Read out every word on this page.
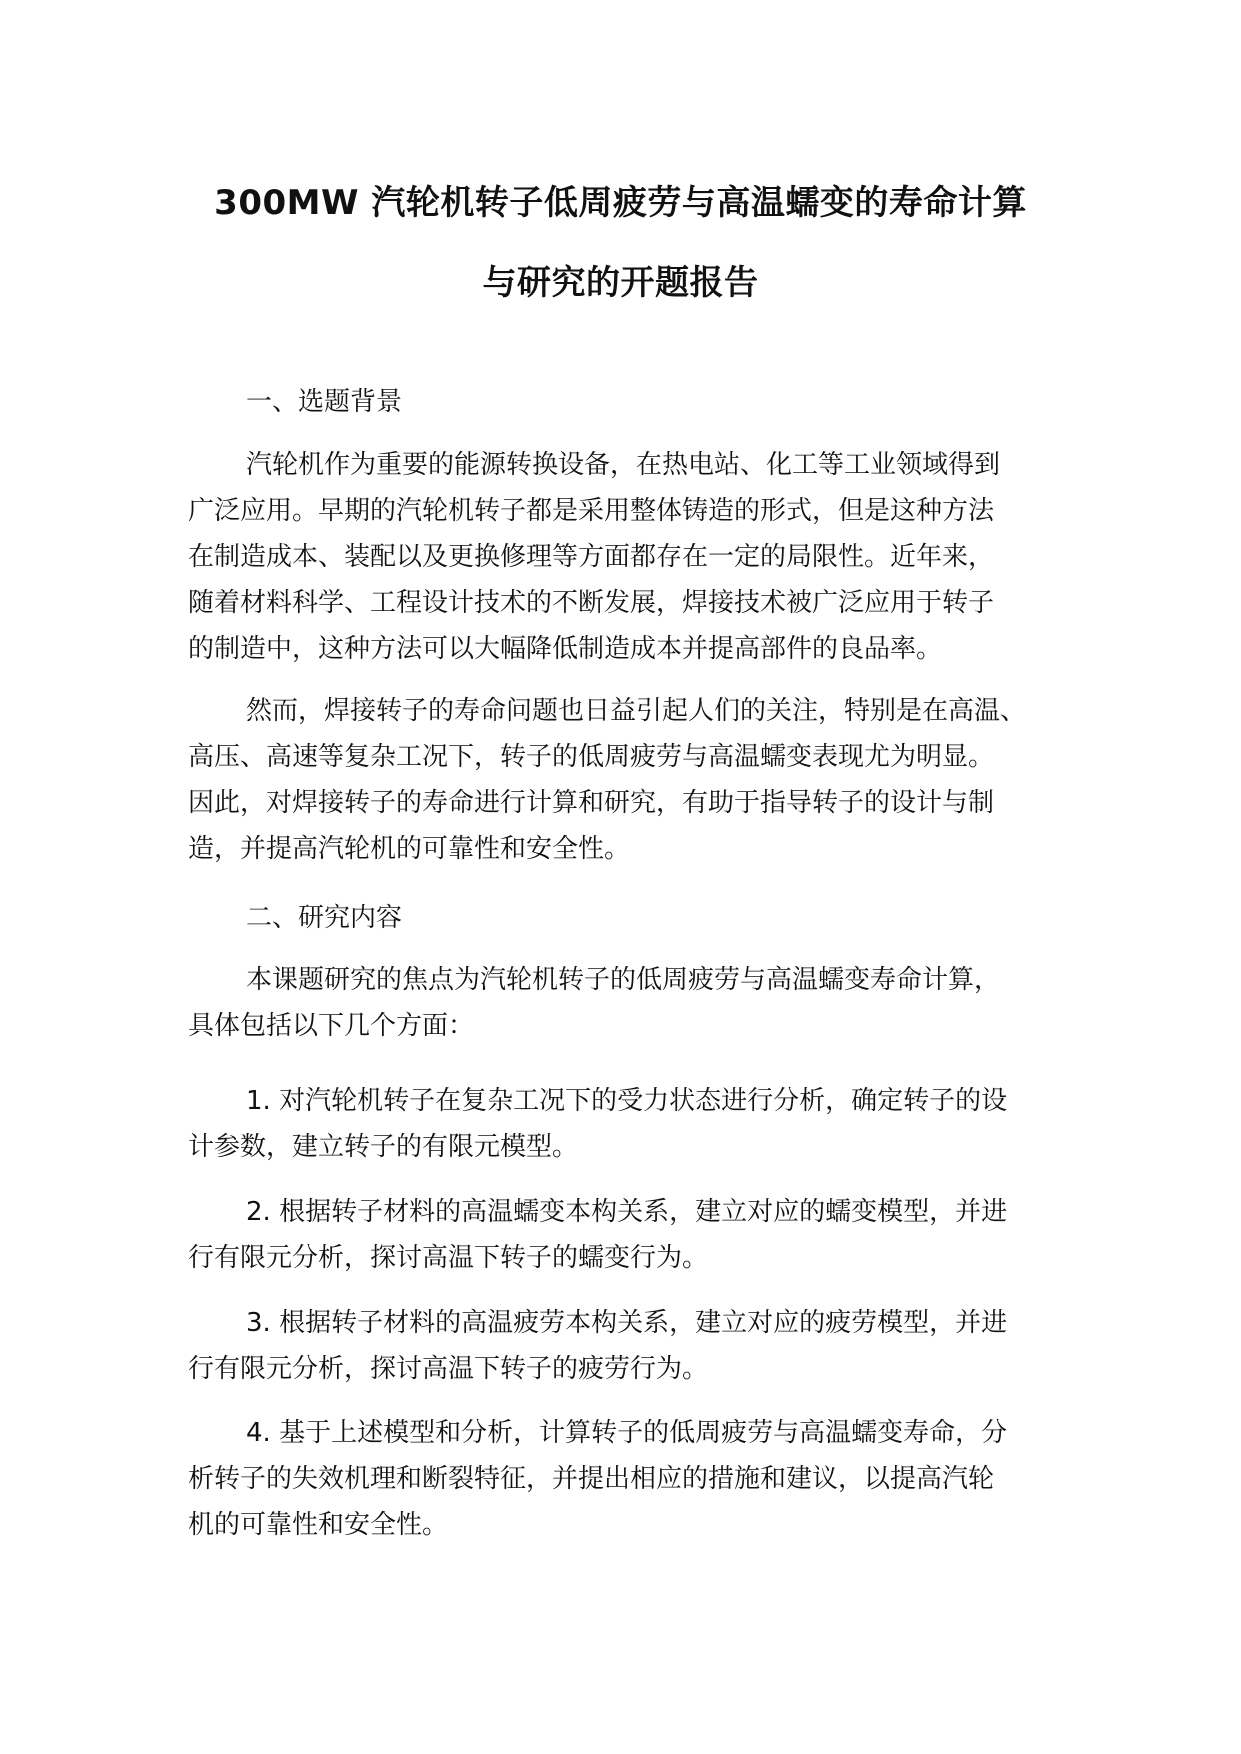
300MW 汽轮机转子低周疲劳与高温蠕变的寿命计算
与研究的开题报告
一、选题背景
汽轮机作为重要的能源转换设备，在热电站、化工等工业领域得到
广泛应用。早期的汽轮机转子都是采用整体铸造的形式，但是这种方法
在制造成本、装配以及更换修理等方面都存在一定的局限性。近年来，
随着材料科学、工程设计技术的不断发展，焊接技术被广泛应用于转子
的制造中，这种方法可以大幅降低制造成本并提高部件的良品率。
然而，焊接转子的寿命问题也日益引起人们的关注，特别是在高温、
高压、高速等复杂工况下，转子的低周疲劳与高温蠕变表现尤为明显。
因此，对焊接转子的寿命进行计算和研究，有助于指导转子的设计与制
造，并提高汽轮机的可靠性和安全性。
二、研究内容
本课题研究的焦点为汽轮机转子的低周疲劳与高温蠕变寿命计算，
具体包括以下几个方面：
1. 对汽轮机转子在复杂工况下的受力状态进行分析，确定转子的设
计参数，建立转子的有限元模型。
2. 根据转子材料的高温蠕变本构关系，建立对应的蠕变模型，并进
行有限元分析，探讨高温下转子的蠕变行为。
3. 根据转子材料的高温疲劳本构关系，建立对应的疲劳模型，并进
行有限元分析，探讨高温下转子的疲劳行为。
4. 基于上述模型和分析，计算转子的低周疲劳与高温蠕变寿命，分
析转子的失效机理和断裂特征，并提出相应的措施和建议，以提高汽轮
机的可靠性和安全性。
